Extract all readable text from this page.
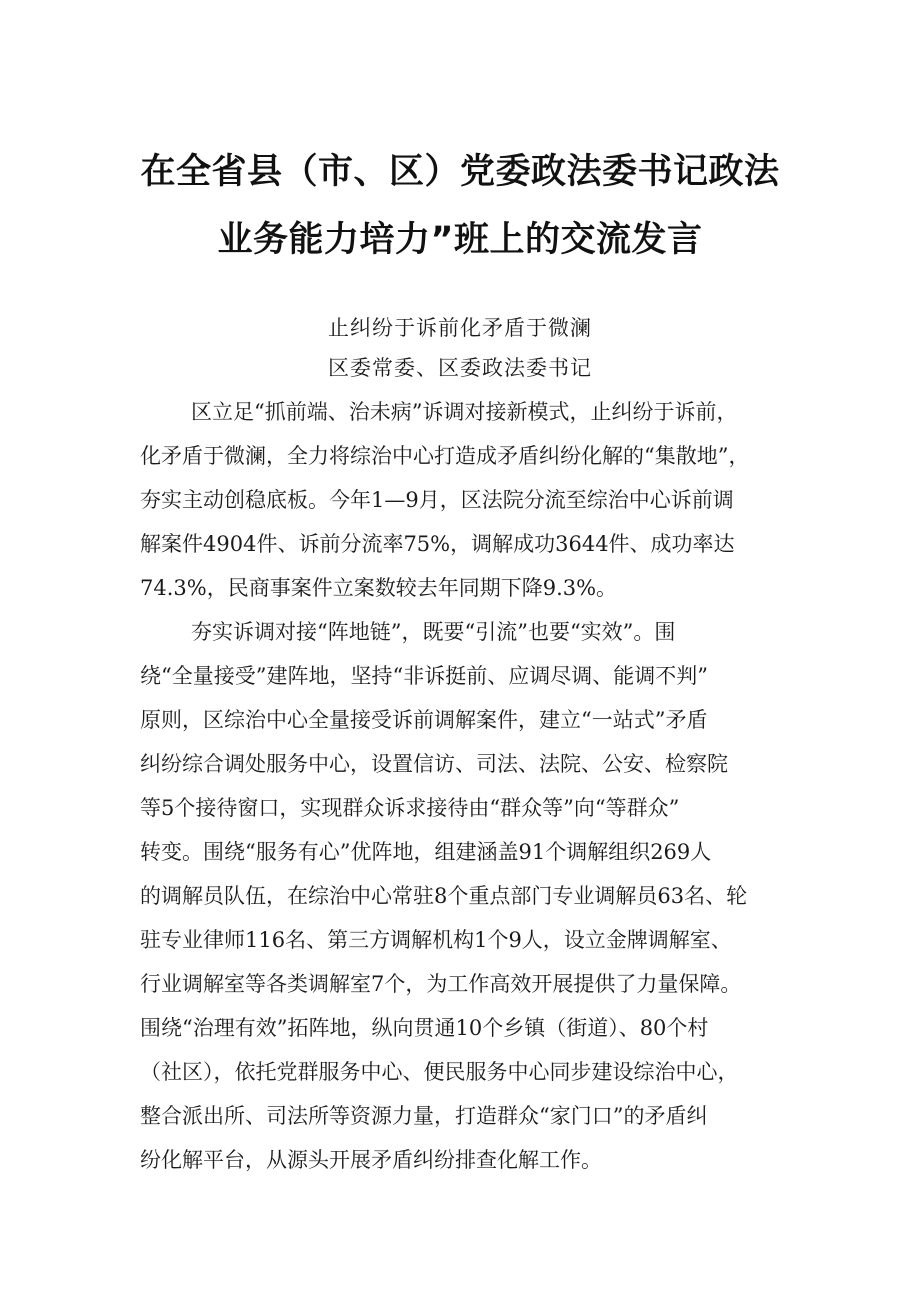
在全省县（市、区）党委政法委书记政法
业务能力培力”班上的交流发言
止纠纷于诉前化矛盾于微澜
区委常委、区委政法委书记
区立足“抓前端、治未病”诉调对接新模式，止纠纷于诉前，
化矛盾于微澜，全力将综治中心打造成矛盾纠纷化解的“集散地”，
夯实主动创稳底板。今年1—9月，区法院分流至综治中心诉前调
解案件4904件、诉前分流率75%，调解成功3644件、成功率达
74.3%，民商事案件立案数较去年同期下降9.3%。
夯实诉调对接“阵地链”，既要“引流”也要“实效”。围
绕“全量接受”建阵地，坚持“非诉挺前、应调尽调、能调不判”
原则，区综治中心全量接受诉前调解案件，建立“一站式”矛盾
纠纷综合调处服务中心，设置信访、司法、法院、公安、检察院
等5个接待窗口，实现群众诉求接待由“群众等”向“等群众”
转变。围绕“服务有心”优阵地，组建涵盖91个调解组织269人
的调解员队伍，在综治中心常驻8个重点部门专业调解员63名、轮
驻专业律师116名、第三方调解机构1个9人，设立金牌调解室、
行业调解室等各类调解室7个，为工作高效开展提供了力量保障。
围绕“治理有效”拓阵地，纵向贯通10个乡镇（街道）、80个村
（社区），依托党群服务中心、便民服务中心同步建设综治中心，
整合派出所、司法所等资源力量，打造群众“家门口”的矛盾纠
纷化解平台，从源头开展矛盾纠纷排查化解工作。
